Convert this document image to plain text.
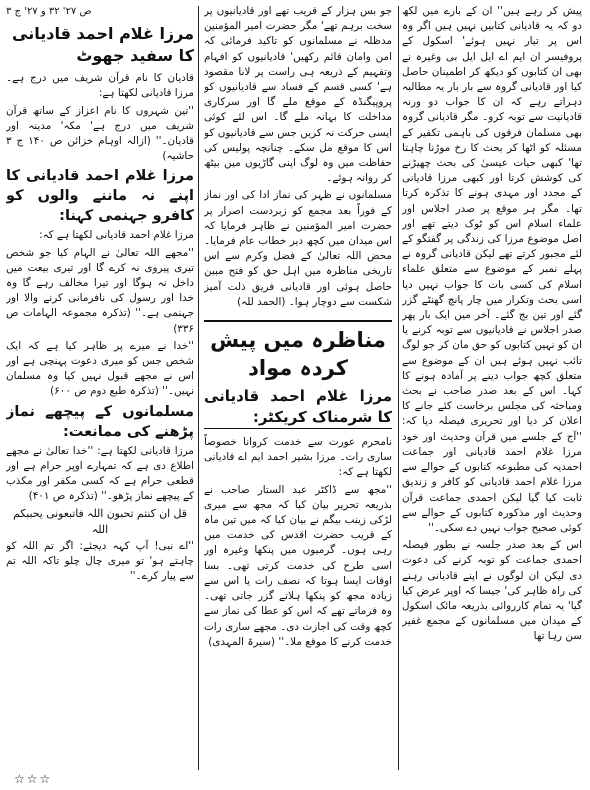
پیش کر رہے ہیں'' ان کے بارے میں لکھ دو کہ یہ قادیانی کتابیں نہیں ہیں اگر وہ اس پر تیار نہیں ہوئے' اسکول کے پروفیسر ان ایم اے ایل ایل بی وغیرہ نے بھی ان کتابوں کو دیکھ کر اطمینان حاصل کیا اور قادیانی گروہ سے بار بار یہ مطالبہ دہراتے رہے کہ ان کا جواب دو ورنہ قادیانیت سے توبہ کرو۔ مگر قادیانی گروہ بھی مسلمان فرقوں کی باہمی تکفیر کے مسئلہ کو اٹھا کر بحث کا رخ موڑنا چاہتا تھا' کبھی حیات عیسیٰ کی بحث چھیڑنے کی کوشش کرتا اور کبھی مرزا قادیانی کے مجدد اور مہدی ہونے کا تذکرہ کرتا تھا۔ مگر ہر موقع پر صدر اجلاس اور علماء اسلام اس کو ٹوک دیتے تھے اور اصل موضوع مرزا کی زندگی پر گفتگو کے لئے مجبور کرتے تھے لیکن قادیانی گروہ نے پہلے نمبر کے موضوع سے متعلق علماء اسلام کی کسی بات کا جواب نہیں دیا اسی بحث وتکرار میں چار پانچ گھنٹے گزر گئے اور تین بج گئے۔ آخر میں ایک بار پھر صدر اجلاس نے قادیانیوں سے توبہ کرنے یا ان کو نہیں کتابوں کو حق مان کر جو لوگ تائب نہیں ہوئے ہیں ان کے موضوع سے متعلق کچھ جواب دینے پر آمادہ ہونے کا کہا۔ اس کے بعد صدر صاحب نے بحث ومباحثہ کی مجلس برخاست کئے جانے کا اعلان کر دیا اور تحریری فیصلہ دیا کہ: ''آج کے جلسے میں قرآن وحدیث اور خود مرزا غلام احمد قادیانی اور جماعت احمدیہ کی مطبوعہ کتابوں کے حوالے سے مرزا غلام احمد قادیانی کو کافر و زندیق ثابت کیا گیا لیکن احمدی جماعت قرآن وحدیث اور مذکورہ کتابوں کے حوالے سے کوئی صحیح جواب نہیں دے سکی۔''

اس کے بعد صدر جلسہ نے بطور فیصلہ احمدی جماعت کو توبہ کرنے کی دعوت دی لیکن ان لوگوں نے اپنے قادیانی رہنے کی راہ ظاہر کی' جیسا کہ اوپر عرض کیا گیا' یہ تمام کارروائی بذریعہ مائک اسکول کے میدان میں مسلمانوں کے مجمع غفیر سن رہا تھا

جو بس ہزار کے قریب تھے اور قادیانیوں پر سخت برہم تھے' مگر حضرت امیر المؤمنین مدظلہ نے مسلمانوں کو تاکید فرمائی کہ امن وامان قائم رکھیں' قادیانیوں کو افہام وتفہیم کے ذریعہ ہی راست پر لانا مقصود ہے' کسی قسم کے فساد سے قادیانیوں کو پروپیگنڈہ کے موقع ملے گا اور سرکاری مداخلت کا بہانہ ملے گا۔ اس لئے کوئی ایسی حرکت نہ کریں جس سے قادیانیوں کو اس کا موقع مل سکے۔ چنانچہ پولیس کی حفاظت میں وہ لوگ اپنی گاڑیوں میں بیٹھ کر روانہ ہوئے۔

مسلمانوں نے ظہر کی نماز ادا کی اور نماز کے فوراً بعد مجمع کو زبردست اصرار پر حضرت امیر المؤمنین نے ظاہر فرمایا کہ اس میدان میں کچھ دیر خطاب عام فرمایا۔ محض اللہ تعالیٰ کے فضل وکرم سے اس تاریخی مناظرہ میں اہل حق کو فتح مبین حاصل ہوئی اور قادیانی فریق ذلت آمیز شکست سے دوچار ہوا۔ (الحمد للہ)

مناظرہ میں پیش کردہ مواد
مرزا غلام احمد قادیانی کا شرمناک کریکٹر:

نامحرم عورت سے خدمت کروانا خصوصاً ساری رات۔ مرزا بشیر احمد ایم اے قادیانی لکھتا ہے کہ:

''مجھ سے ڈاکٹر عبد الستار صاحب نے بذریعہ تحریر بیان کیا کہ مجھ سے میری لڑکی زینب بیگم نے بیان کیا کہ میں تین ماہ کے قریب حضرت اقدس کی خدمت میں رہی ہوں۔ گرمیوں میں پنکھا وغیرہ اور اسی طرح کی خدمت کرتی تھی۔ بسا اوقات ایسا ہوتا کہ نصف رات یا اس سے زیادہ مجھ کو پنکھا ہلاتے گزر جاتی تھی۔ وہ فرماتے تھے کہ اس کو عطا کی نماز سے کچھ وقت کی اجازت دی۔ مجھے ساری رات خدمت کرنے کا موقع ملا۔'' (سیرۃ المہدی)

ص ۲۷' ۳۲ و ۲۷' ج ۳

مرزا غلام احمد قادیانی کا سفید جھوٹ

قادیان کا نام قرآن شریف میں درج ہے۔ مرزا قادیانی لکھتا ہے:

''تین شہروں کا نام اعزاز کے ساتھ قرآن شریف میں درج ہے' مکہ' مدینہ اور قادیان۔'' (ازالہ اوہام خزائن ص ۱۴۰ ج ۳ حاشیہ)

مرزا غلام احمد قادیانی کا اپنے نہ ماننے والوں کو کافرو جہنمی کہنا:

مرزا غلام احمد قادیانی لکھتا ہے کہ:

''مجھے اللہ تعالیٰ نے الہام کیا جو شخص تیری پیروی نہ کرے گا اور تیری بیعت میں داخل نہ ہوگا اور تیرا مخالف رہے گا وہ خدا اور رسول کی نافرمانی کرنے والا اور جہنمی ہے۔'' (تذکرہ مجموعہ الہامات ص ۳۳۶)

''خدا نے میرے پر ظاہر کیا ہے کہ ایک شخص جس کو میری دعوت پہنچی ہے اور اس نے مجھے قبول نہیں کیا وہ مسلمان نہیں۔'' (تذکرہ طبع دوم ص ۶۰۰)

مسلمانوں کے پیچھے نماز پڑھنے کی ممانعت:

مرزا قادیانی لکھتا ہے: ''خدا تعالیٰ نے مجھے اطلاع دی ہے کہ تمہارے اوپر حرام ہے اور قطعی حرام ہے کہ کسی مکفر اور مکذب کے پیچھے نماز پڑھو۔'' (تذکرہ ص ۴۰۱)

قل ان کنتم تحبون اللہ فاتبعونی یحببکم اللہ

''اے نبی! آپ کہہ دیجئے: اگر تم اللہ کو چاہتے ہو' تو میری چال چلو تاکہ اللہ تم سے پیار کرے۔''

☆☆☆
